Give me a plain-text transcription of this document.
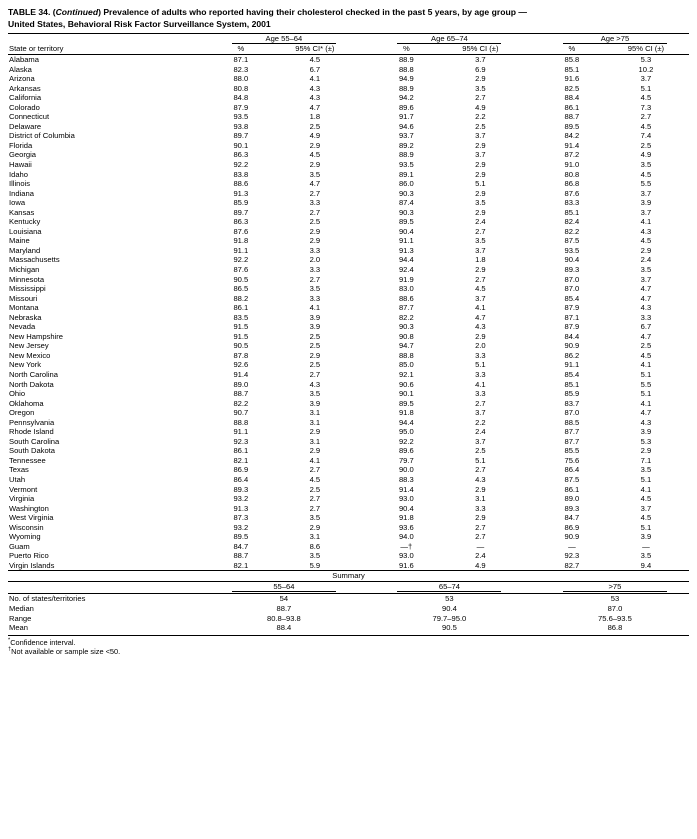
TABLE 34. (Continued) Prevalence of adults who reported having their cholesterol checked in the past 5 years, by age group —
United States, Behavioral Risk Factor Surveillance System, 2001

	Age 55–64			Age 65–74			Age >75	

State or territory	%	95% CI* (±)		%	95% CI (±)		%	95% CI (±)
Alabama	87.1	4.5		88.9	3.7		85.8	5.3
Alaska	82.3	6.7		88.8	6.9		85.1	10.2
Arizona	88.0	4.1		94.9	2.9		91.6	3.7
Arkansas	80.8	4.3		88.9	3.5		82.5	5.1
California	84.8	4.3		94.2	2.7		88.4	4.5
Colorado	87.9	4.7		89.6	4.9		86.1	7.3
Connecticut	93.5	1.8		91.7	2.2		88.7	2.7
Delaware	93.8	2.5		94.6	2.5		89.5	4.5
District of Columbia	89.7	4.9		93.7	3.7		84.2	7.4
Florida	90.1	2.9		89.2	2.9		91.4	2.5
Georgia	86.3	4.5		88.9	3.7		87.2	4.9
Hawaii	92.2	2.9		93.5	2.9		91.0	3.5
Idaho	83.8	3.5		89.1	2.9		80.8	4.5
Illinois	88.6	4.7		86.0	5.1		86.8	5.5
Indiana	91.3	2.7		90.3	2.9		87.6	3.7
Iowa	85.9	3.3		87.4	3.5		83.3	3.9
Kansas	89.7	2.7		90.3	2.9		85.1	3.7
Kentucky	86.3	2.5		89.5	2.4		82.4	4.1
Louisiana	87.6	2.9		90.4	2.7		82.2	4.3
Maine	91.8	2.9		91.1	3.5		87.5	4.5
Maryland	91.1	3.3		91.3	3.7		93.5	2.9
Massachusetts	92.2	2.0		94.4	1.8		90.4	2.4
Michigan	87.6	3.3		92.4	2.9		89.3	3.5
Minnesota	90.5	2.7		91.9	2.7		87.0	3.7
Mississippi	86.5	3.5		83.0	4.5		87.0	4.7
Missouri	88.2	3.3		88.6	3.7		85.4	4.7
Montana	86.1	4.1		87.7	4.1		87.9	4.3
Nebraska	83.5	3.9		82.2	4.7		87.1	3.3
Nevada	91.5	3.9		90.3	4.3		87.9	6.7
New Hampshire	91.5	2.5		90.8	2.9		84.4	4.7
New Jersey	90.5	2.5		94.7	2.0		90.9	2.5
New Mexico	87.8	2.9		88.8	3.3		86.2	4.5
New York	92.6	2.5		85.0	5.1		91.1	4.1
North Carolina	91.4	2.7		92.1	3.3		85.4	5.1
North Dakota	89.0	4.3		90.6	4.1		85.1	5.5
Ohio	88.7	3.5		90.1	3.3		85.9	5.1
Oklahoma	82.2	3.9		89.5	2.7		83.7	4.1
Oregon	90.7	3.1		91.8	3.7		87.0	4.7
Pennsylvania	88.8	3.1		94.4	2.2		88.5	4.3
Rhode Island	91.1	2.9		95.0	2.4		87.7	3.9
South Carolina	92.3	3.1		92.2	3.7		87.7	5.3
South Dakota	86.1	2.9		89.6	2.5		85.5	2.9
Tennessee	82.1	4.1		79.7	5.1		75.6	7.1
Texas	86.9	2.7		90.0	2.7		86.4	3.5
Utah	86.4	4.5		88.3	4.3		87.5	5.1
Vermont	89.3	2.5		91.4	2.9		86.1	4.1
Virginia	93.2	2.7		93.0	3.1		89.0	4.5
Washington	91.3	2.7		90.4	3.3		89.3	3.7
West Virginia	87.3	3.5		91.8	2.9		84.7	4.5
Wisconsin	93.2	2.9		93.6	2.7		86.9	5.1
Wyoming	89.5	3.1		94.0	2.7		90.9	3.9
Guam	84.7	8.6		—†	—		—	—
Puerto Rico	88.7	3.5		93.0	2.4		92.3	3.5
Virgin Islands	82.1	5.9		91.6	4.9		82.7	9.4
Summary								

	55–64			65–74			>75	

No. of states/territories	54			53			53	
Median	88.7			90.4			87.0	
Range	80.8–93.8			79.7–95.0			75.6–93.5	
Mean	88.4			90.5			86.8	

*Confidence interval.
†Not available or sample size <50.
